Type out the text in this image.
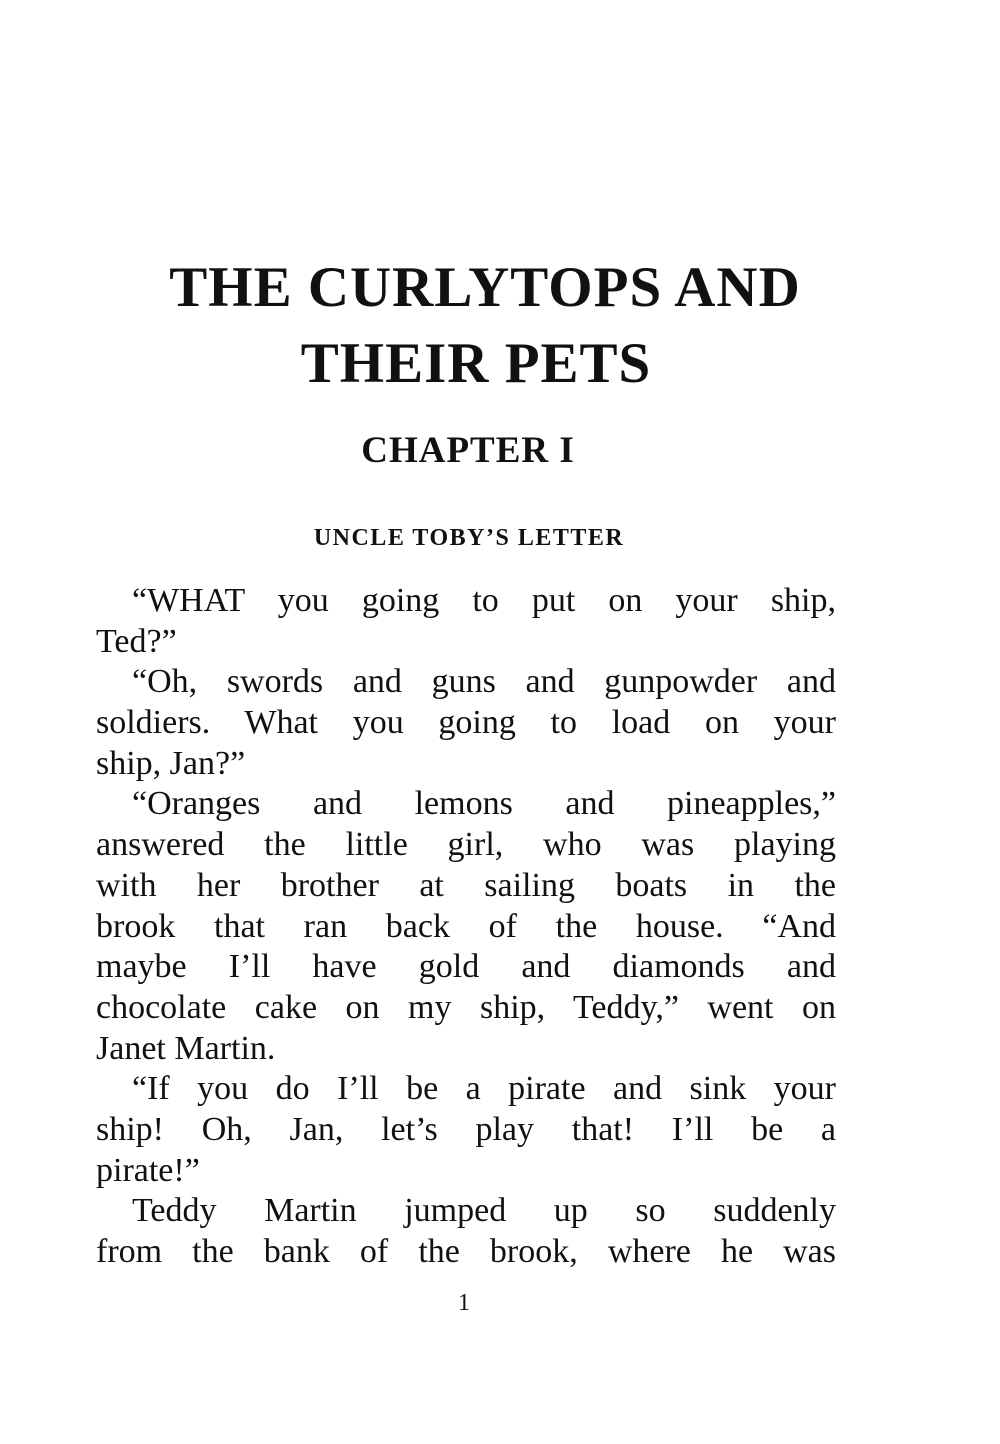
THE CURLYTOPS AND
THEIR PETS
CHAPTER I
UNCLE TOBY’S LETTER
“WHAT you going to put on your ship,
Ted?”
“Oh, swords and guns and gunpowder and
soldiers. What you going to load on your
ship, Jan?”
“Oranges and lemons and pineapples,”
answered the little girl, who was playing
with her brother at sailing boats in the
brook that ran back of the house. “And
maybe I’ll have gold and diamonds and
chocolate cake on my ship, Teddy,” went on
Janet Martin.
“If you do I’ll be a pirate and sink your
ship! Oh, Jan, let’s play that! I’ll be a
pirate!”
Teddy Martin jumped up so suddenly
from the bank of the brook, where he was
1
